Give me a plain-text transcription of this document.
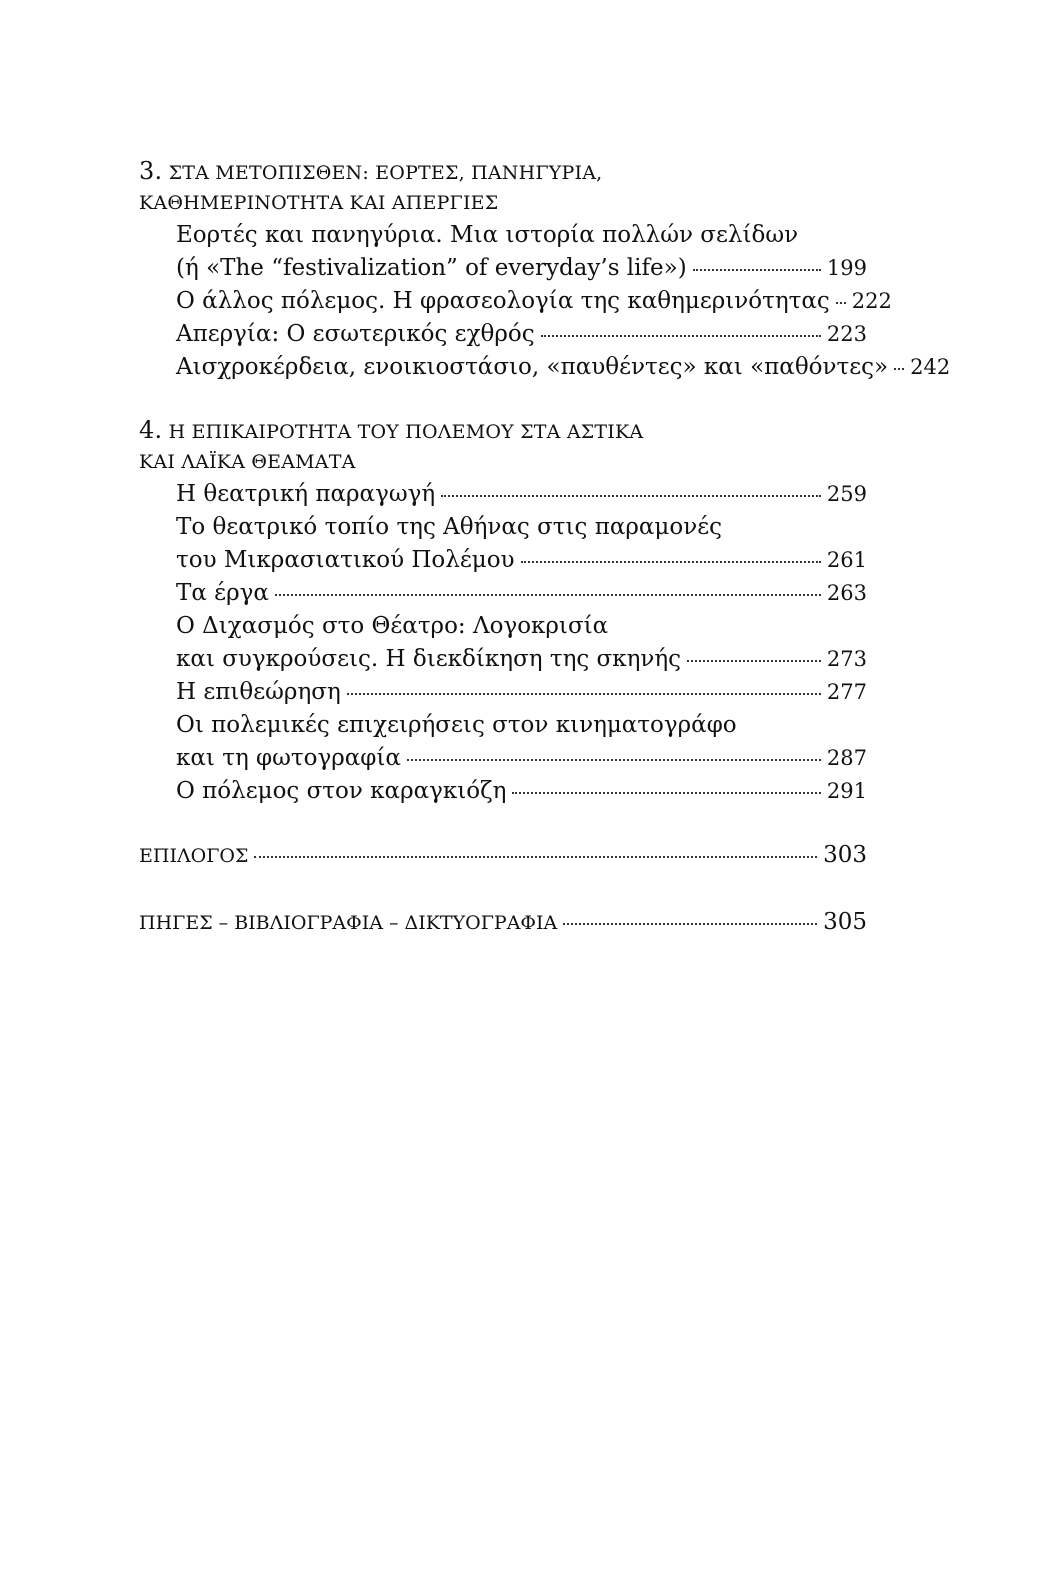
3. ΣΤΑ ΜΕΤΟΠΙΣΘΕΝ: ΕΟΡΤΕΣ, ΠΑΝΗΓΥΡΙΑ,
ΚΑΘΗΜΕΡΙΝΟΤΗΤΑ ΚΑΙ ΑΠΕΡΓΙΕΣ
Εορτές και πανηγύρια. Μια ιστορία πολλών σελίδων
(ή «The “festivalization” of everyday’s life»)	199
Ο άλλος πόλεμος. Η φρασεολογία της καθημερινότητας 222
Απεργία: Ο εσωτερικός εχθρός	223
Αισχροκέρδεια, ενοικιοστάσιο, «παυθέντες» και «παθόντες» 242
4. Η ΕΠΙΚΑΙΡΟΤΗΤΑ ΤΟΥ ΠΟΛΕΜΟΥ ΣΤΑ ΑΣΤΙΚΑ
ΚΑΙ ΛΑΪΚΑ ΘΕΑΜΑΤΑ
Η θεατρική παραγωγή	259
Το θεατρικό τοπίο της Αθήνας στις παραμονές
του Μικρασιατικού Πολέμου	261
Τα έργα	263
Ο Διχασμός στο Θέατρο: Λογοκρισία
και συγκρούσεις. Η διεκδίκηση της σκηνής	273
Η επιθεώρηση	277
Οι πολεμικές επιχειρήσεις στον κινηματογράφο
και τη φωτογραφία	287
Ο πόλεμος στον καραγκιόζη	291
ΕΠΙΛΟΓΟΣ	303
ΠΗΓΕΣ – ΒΙΒΛΙΟΓΡΑΦΙΑ – ΔΙΚΤΥΟΓΡΑΦΙΑ	305
